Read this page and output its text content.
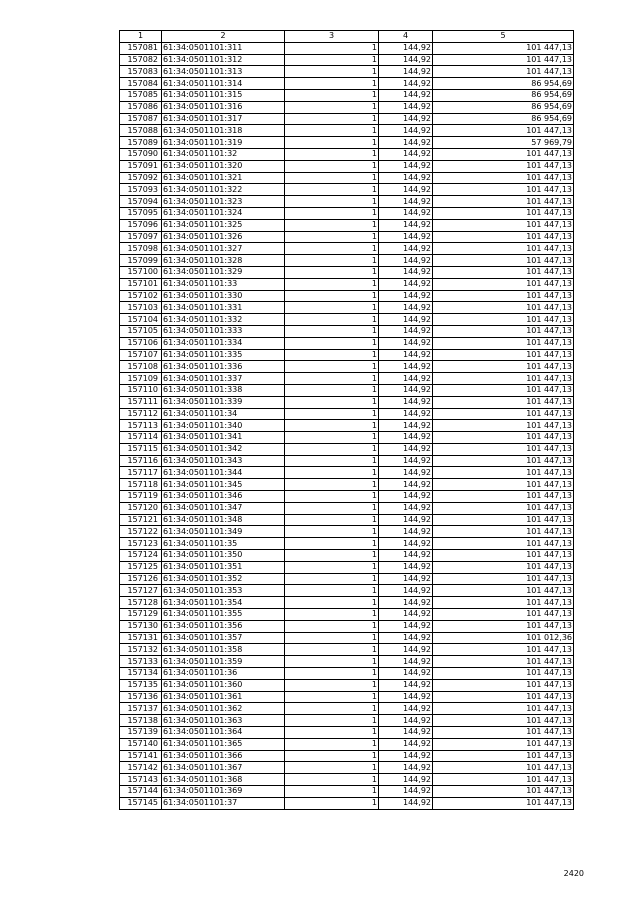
1	2	3	4	5
157081	61:34:0501101:311	1	144,92	101 447,13
157082	61:34:0501101:312	1	144,92	101 447,13
157083	61:34:0501101:313	1	144,92	101 447,13
157084	61:34:0501101:314	1	144,92	86 954,69
157085	61:34:0501101:315	1	144,92	86 954,69
157086	61:34:0501101:316	1	144,92	86 954,69
157087	61:34:0501101:317	1	144,92	86 954,69
157088	61:34:0501101:318	1	144,92	101 447,13
157089	61:34:0501101:319	1	144,92	57 969,79
157090	61:34:0501101:32	1	144,92	101 447,13
157091	61:34:0501101:320	1	144,92	101 447,13
157092	61:34:0501101:321	1	144,92	101 447,13
157093	61:34:0501101:322	1	144,92	101 447,13
157094	61:34:0501101:323	1	144,92	101 447,13
157095	61:34:0501101:324	1	144,92	101 447,13
157096	61:34:0501101:325	1	144,92	101 447,13
157097	61:34:0501101:326	1	144,92	101 447,13
157098	61:34:0501101:327	1	144,92	101 447,13
157099	61:34:0501101:328	1	144,92	101 447,13
157100	61:34:0501101:329	1	144,92	101 447,13
157101	61:34:0501101:33	1	144,92	101 447,13
157102	61:34:0501101:330	1	144,92	101 447,13
157103	61:34:0501101:331	1	144,92	101 447,13
157104	61:34:0501101:332	1	144,92	101 447,13
157105	61:34:0501101:333	1	144,92	101 447,13
157106	61:34:0501101:334	1	144,92	101 447,13
157107	61:34:0501101:335	1	144,92	101 447,13
157108	61:34:0501101:336	1	144,92	101 447,13
157109	61:34:0501101:337	1	144,92	101 447,13
157110	61:34:0501101:338	1	144,92	101 447,13
157111	61:34:0501101:339	1	144,92	101 447,13
157112	61:34:0501101:34	1	144,92	101 447,13
157113	61:34:0501101:340	1	144,92	101 447,13
157114	61:34:0501101:341	1	144,92	101 447,13
157115	61:34:0501101:342	1	144,92	101 447,13
157116	61:34:0501101:343	1	144,92	101 447,13
157117	61:34:0501101:344	1	144,92	101 447,13
157118	61:34:0501101:345	1	144,92	101 447,13
157119	61:34:0501101:346	1	144,92	101 447,13
157120	61:34:0501101:347	1	144,92	101 447,13
157121	61:34:0501101:348	1	144,92	101 447,13
157122	61:34:0501101:349	1	144,92	101 447,13
157123	61:34:0501101:35	1	144,92	101 447,13
157124	61:34:0501101:350	1	144,92	101 447,13
157125	61:34:0501101:351	1	144,92	101 447,13
157126	61:34:0501101:352	1	144,92	101 447,13
157127	61:34:0501101:353	1	144,92	101 447,13
157128	61:34:0501101:354	1	144,92	101 447,13
157129	61:34:0501101:355	1	144,92	101 447,13
157130	61:34:0501101:356	1	144,92	101 447,13
157131	61:34:0501101:357	1	144,92	101 012,36
157132	61:34:0501101:358	1	144,92	101 447,13
157133	61:34:0501101:359	1	144,92	101 447,13
157134	61:34:0501101:36	1	144,92	101 447,13
157135	61:34:0501101:360	1	144,92	101 447,13
157136	61:34:0501101:361	1	144,92	101 447,13
157137	61:34:0501101:362	1	144,92	101 447,13
157138	61:34:0501101:363	1	144,92	101 447,13
157139	61:34:0501101:364	1	144,92	101 447,13
157140	61:34:0501101:365	1	144,92	101 447,13
157141	61:34:0501101:366	1	144,92	101 447,13
157142	61:34:0501101:367	1	144,92	101 447,13
157143	61:34:0501101:368	1	144,92	101 447,13
157144	61:34:0501101:369	1	144,92	101 447,13
157145	61:34:0501101:37	1	144,92	101 447,13
2420
